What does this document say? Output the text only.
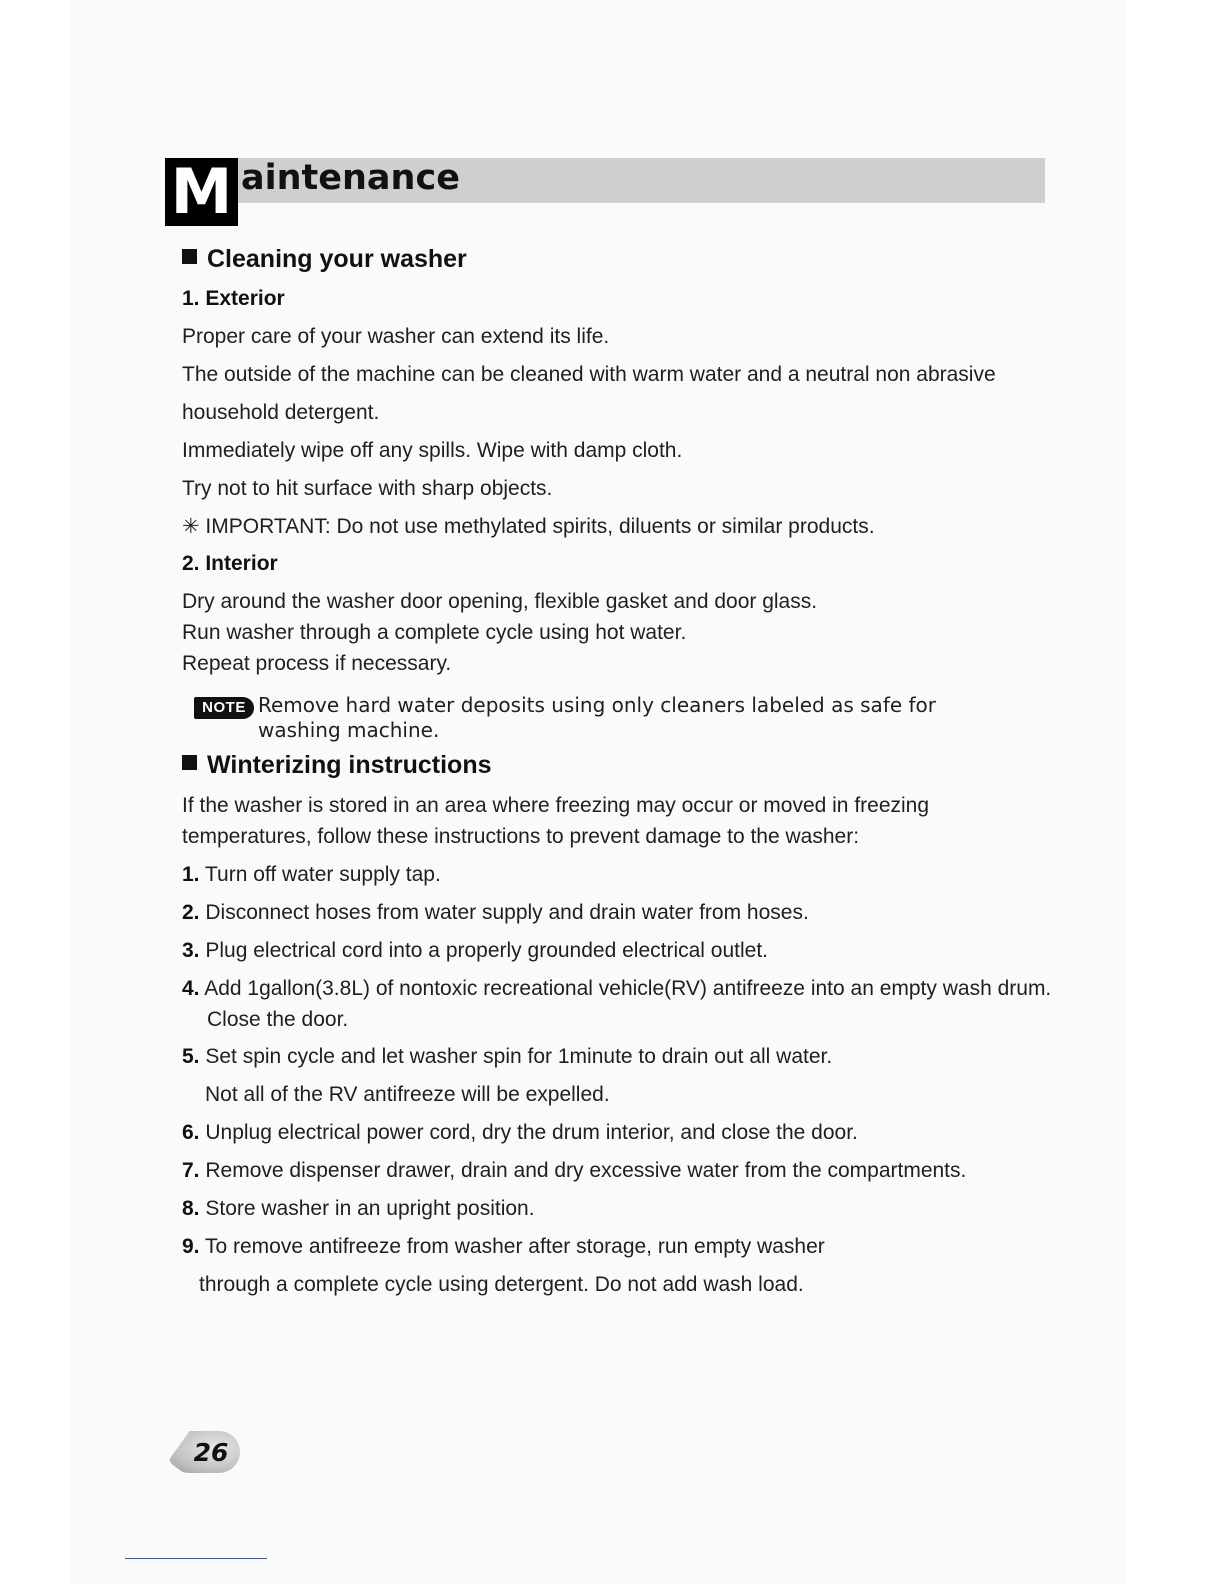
M aintenance
Cleaning your washer
1. Exterior
Proper care of your washer can extend its life.
The outside of the machine can be cleaned with warm water and a neutral non abrasive
household detergent.
Immediately wipe off any spills. Wipe with damp cloth.
Try not to hit surface with sharp objects.
✳ IMPORTANT: Do not use methylated spirits, diluents or similar products.
2. Interior
Dry around the washer door opening, flexible gasket and door glass.
Run washer through a complete cycle using hot water.
Repeat process if necessary.
NOTE Remove hard water deposits using only cleaners labeled as safe for washing machine.
Winterizing instructions
If the washer is stored in an area where freezing may occur or moved in freezing
temperatures, follow these instructions to prevent damage to the washer:
1. Turn off water supply tap.
2. Disconnect hoses from water supply and drain water from hoses.
3. Plug electrical cord into a properly grounded electrical outlet.
4. Add 1gallon(3.8L) of nontoxic recreational vehicle(RV) antifreeze into an empty wash drum.
Close the door.
5. Set spin cycle and let washer spin for 1minute to drain out all water.
Not all of the RV antifreeze will be expelled.
6. Unplug electrical power cord, dry the drum interior, and close the door.
7. Remove dispenser drawer, drain and dry excessive water from the compartments.
8. Store washer in an upright position.
9. To remove antifreeze from washer after storage, run empty washer
through a complete cycle using detergent. Do not add wash load.
26
